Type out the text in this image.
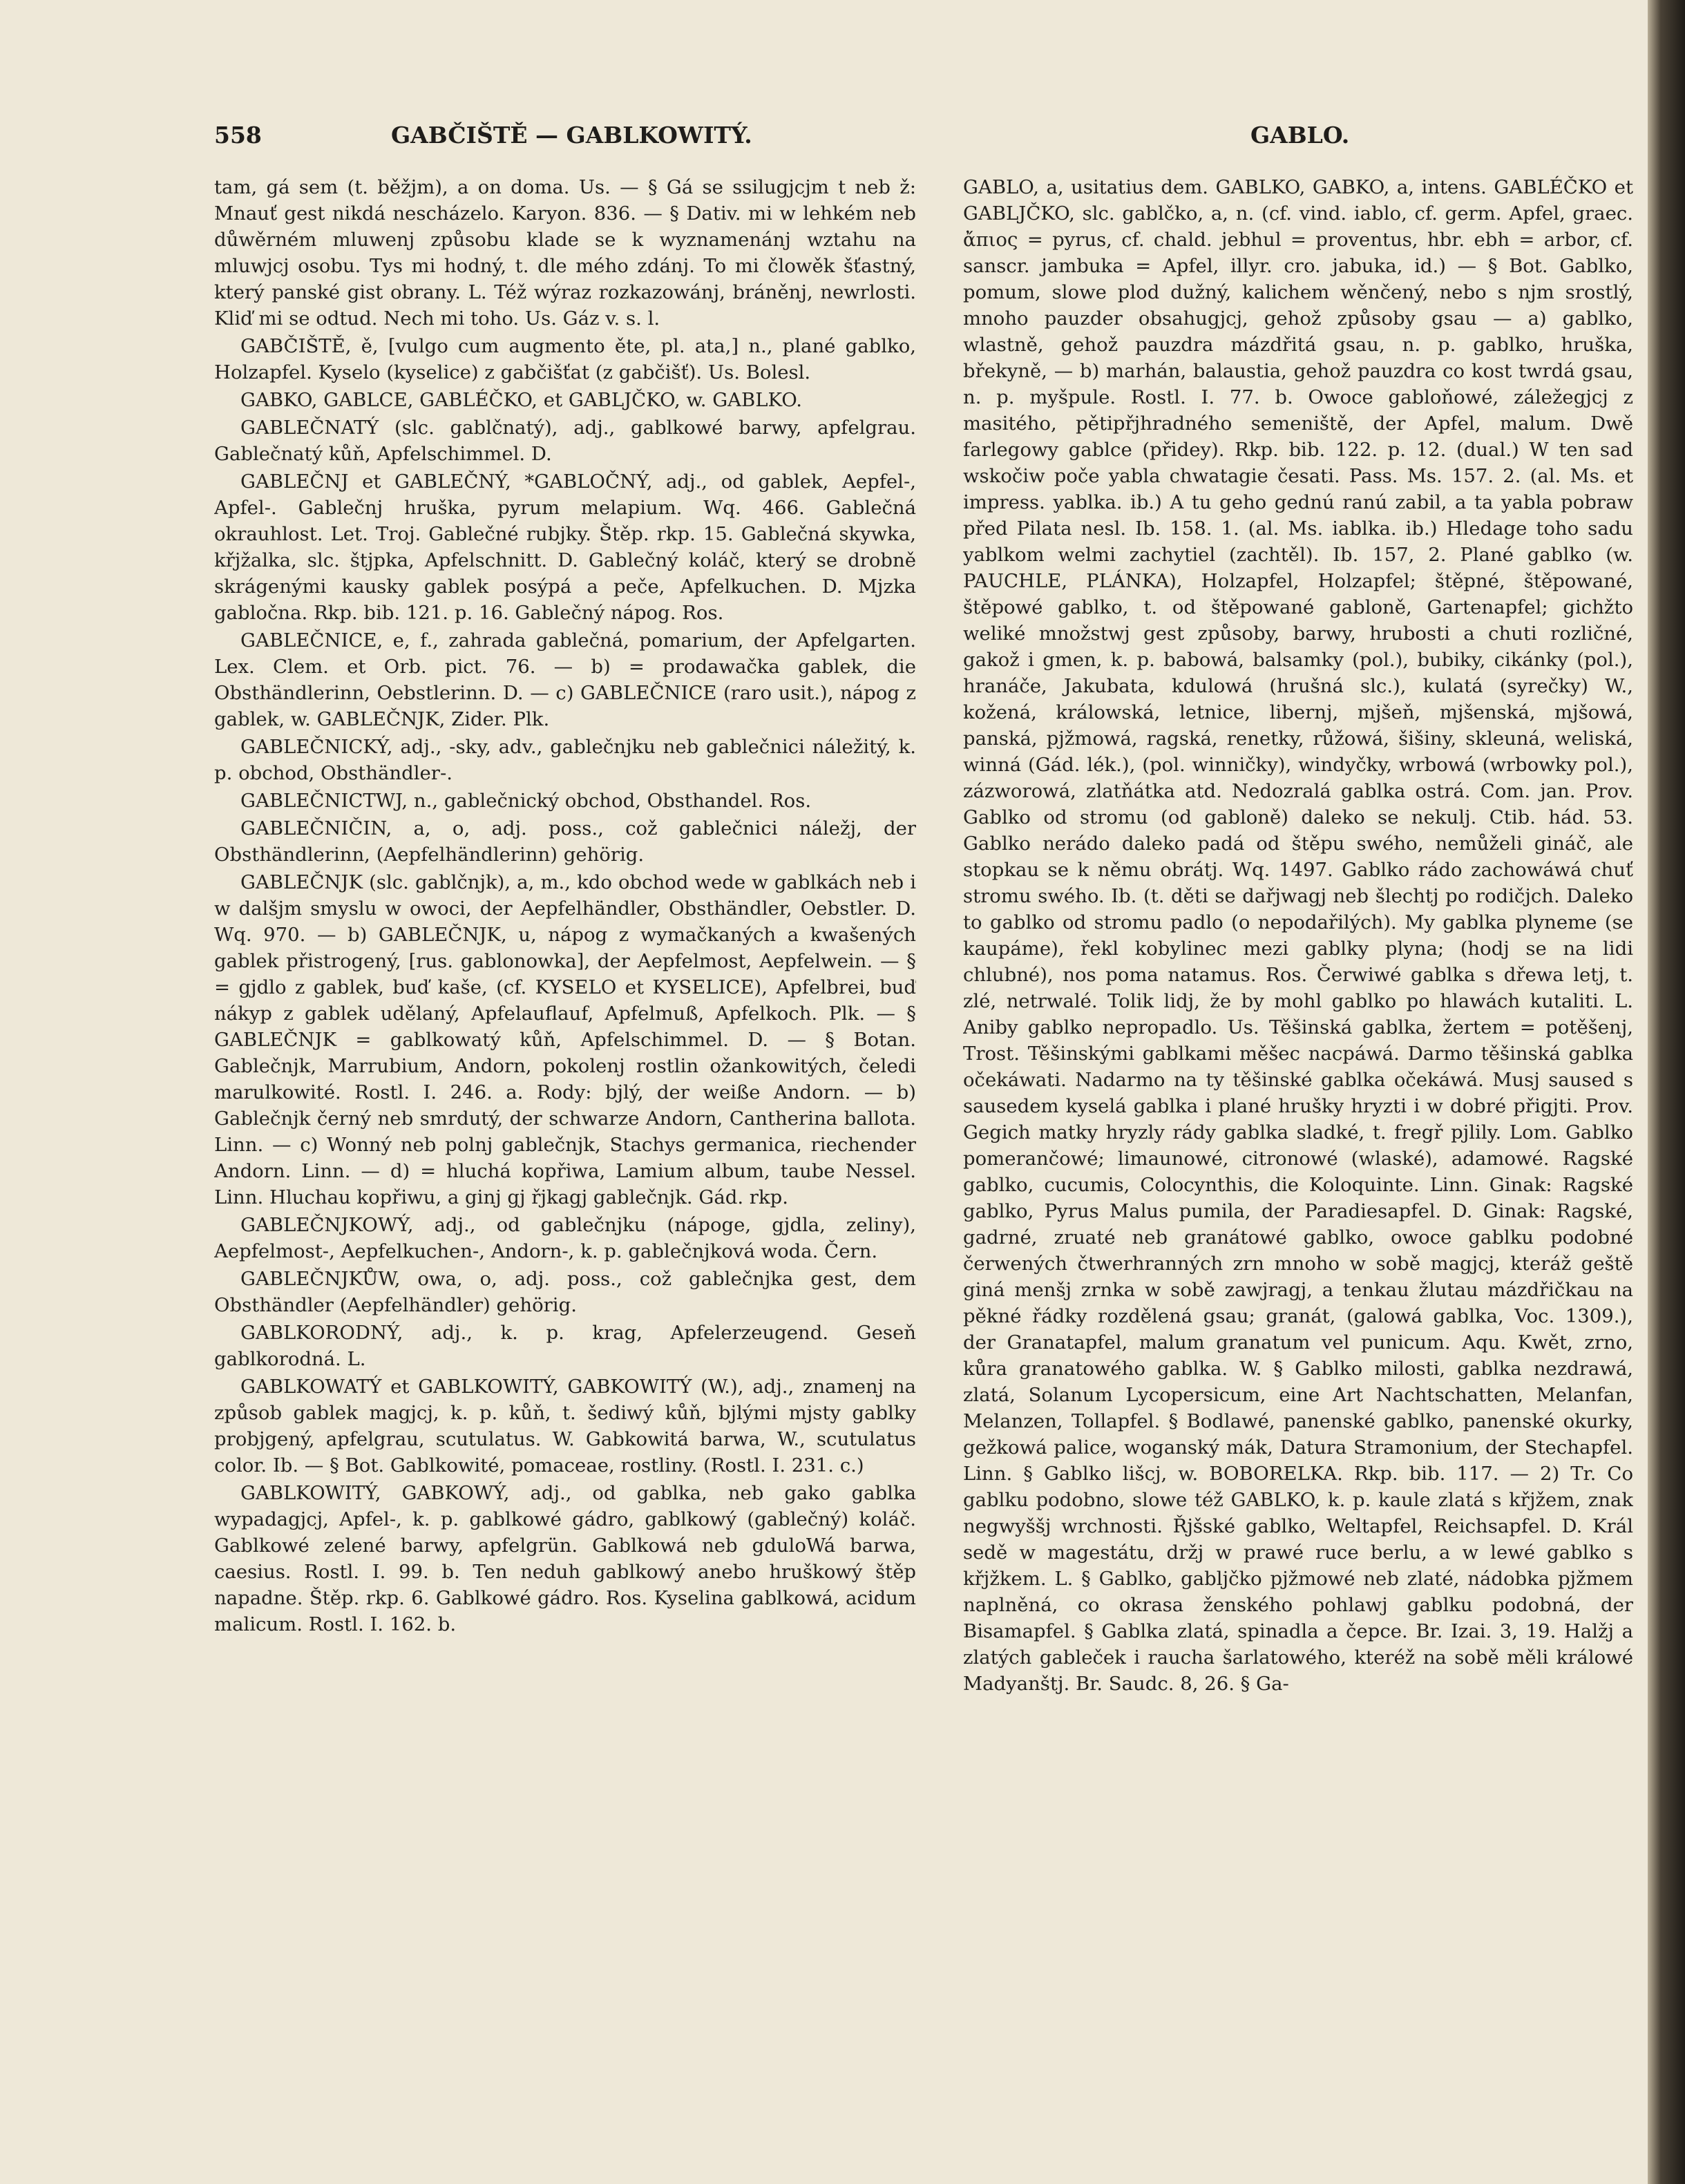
558	GABČIŠTĚ — GABLKOWITÝ.	GABLO.

tam, gá sem (t. běžjm), a on doma. Us. — § Gá se ssilugjcjm t neb ž: Mnauť gest nikdá nescházelo. Karyon. 836. — § Dativ. mi w lehkém neb důwěrném mluwenj způsobu klade se k wyznamenánj wztahu na mluwjcj osobu. Tys mi hodný, t. dle mého zdánj. To mi člowěk šťastný, který panské gist obrany. L. Též wýraz rozkazowánj, bráněnj, newrlosti. Kliď mi se odtud. Nech mi toho. Us. Gáz v. s. l.

GABČIŠTĚ, ě, [vulgo cum augmento ěte, pl. ata,] n., plané gablko, Holzapfel. Kyselo (kyselice) z gabčišťat (z gabčišť). Us. Bolesl.

GABKO, GABLCE, GABLÉČKO, et GABLJČKO, w. GABLKO.

GABLEČNATÝ (slc. gablčnatý), adj., gablkowé barwy, apfelgrau. Gablečnatý kůň, Apfelschimmel. D.

GABLEČNJ et GABLEČNÝ, *GABLOČNÝ, adj., od gablek, Aepfel-, Apfel-. Gablečnj hruška, pyrum melapium. Wq. 466. Gablečná okrauhlost. Let. Troj. Gablečné rubjky. Štěp. rkp. 15. Gablečná skywka, křjžalka, slc. štjpka, Apfelschnitt. D. Gablečný koláč, který se drobně skrágenými kausky gablek posýpá a peče, Apfelkuchen. D. Mjzka gabločna. Rkp. bib. 121. p. 16. Gablečný nápog. Ros.

GABLEČNICE, e, f., zahrada gablečná, pomarium, der Apfelgarten. Lex. Clem. et Orb. pict. 76. — b) = prodawačka gablek, die Obsthändlerinn, Oebstlerinn. D. — c) GABLEČNICE (raro usit.), nápog z gablek, w. GABLEČNJK, Zider. Plk.

GABLEČNICKÝ, adj., -sky, adv., gablečnjku neb gablečnici náležitý, k. p. obchod, Obsthändler-.

GABLEČNICTWJ, n., gablečnický obchod, Obsthandel. Ros.

GABLEČNIČIN, a, o, adj. poss., což gablečnici náležj, der Obsthändlerinn, (Aepfelhändlerinn) gehörig.

GABLEČNJK (slc. gablčnjk), a, m., kdo obchod wede w gablkách neb i w dalšjm smyslu w owoci, der Aepfelhändler, Obsthändler, Oebstler. D. Wq. 970. — b) GABLEČNJK, u, nápog z wymačkaných a kwašených gablek přistrogený, [rus. gablonowka], der Aepfelmost, Aepfelwein. — § = gjdlo z gablek, buď kaše, (cf. KYSELO et KYSELICE), Apfelbrei, buď nákyp z gablek udělaný, Apfelauflauf, Apfelmuß, Apfelkoch. Plk. — § GABLEČNJK = gablkowatý kůň, Apfelschimmel. D. — § Botan. Gablečnjk, Marrubium, Andorn, pokolenj rostlin ožankowitých, čeledi marulkowité. Rostl. I. 246. a. Rody: bjlý, der weiße Andorn. — b) Gablečnjk černý neb smrdutý, der schwarze Andorn, Cantherina ballota. Linn. — c) Wonný neb polnj gablečnjk, Stachys germanica, riechender Andorn. Linn. — d) = hluchá kopřiwa, Lamium album, taube Nessel. Linn. Hluchau kopřiwu, a ginj gj řjkagj gablečnjk. Gád. rkp.

GABLEČNJKOWÝ, adj., od gablečnjku (nápoge, gjdla, zeliny), Aepfelmost-, Aepfelkuchen-, Andorn-, k. p. gablečnjková woda. Čern.

GABLEČNJKŮW, owa, o, adj. poss., což gablečnjka gest, dem Obsthändler (Aepfelhändler) gehörig.

GABLKORODNÝ, adj., k. p. krag, Apfelerzeugend. Geseň gablkorodná. L.

GABLKOWATÝ et GABLKOWITÝ, GABKOWITÝ (W.), adj., znamenj na způsob gablek magjcj, k. p. kůň, t. šediwý kůň, bjlými mjsty gablky probjgený, apfelgrau, scutulatus. W. Gabkowitá barwa, W., scutulatus color. Ib. — § Bot. Gablkowité, pomaceae, rostliny. (Rostl. I. 231. c.)

GABLKOWITÝ, GABKOWÝ, adj., od gablka, neb gako gablka wypadagjcj, Apfel-, k. p. gablkowé gádro, gablkowý (gablečný) koláč. Gablkowé zelené barwy, apfelgrün. Gablkowá neb gduloWá barwa, caesius. Rostl. I. 99. b. Ten neduh gablkowý anebo hruškowý štěp napadne. Štěp. rkp. 6. Gablkowé gádro. Ros. Kyselina gablkowá, acidum malicum. Rostl. I. 162. b.

GABLO, a, usitatius dem. GABLKO, GABKO, a, intens. GABLÉČKO et GABLJČKO, slc. gablčko, a, n. (cf. vind. iablo, cf. germ. Apfel, graec. ἄπιος = pyrus, cf. chald. jebhul = proventus, hbr. ebh = arbor, cf. sanscr. jambuka = Apfel, illyr. cro. jabuka, id.) — § Bot. Gablko, pomum, slowe plod dužný, kalichem wěnčený, nebo s njm srostlý, mnoho pauzder obsahugjcj, gehož způsoby gsau — a) gablko, wlastně, gehož pauzdra mázdřitá gsau, n. p. gablko, hruška, břekyně, — b) marhán, balaustia, gehož pauzdra co kost twrdá gsau, n. p. myšpule. Rostl. I. 77. b. Owoce gabloňowé, záležegjcj z masitého, pětipřjhradného semeniště, der Apfel, malum. Dwě farlegowy gablce (přidey). Rkp. bib. 122. p. 12. (dual.) W ten sad wskočiw poče yabla chwatagie česati. Pass. Ms. 157. 2. (al. Ms. et impress. yablka. ib.) A tu geho gednú ranú zabil, a ta yabla pobraw před Pilata nesl. Ib. 158. 1. (al. Ms. iablka. ib.) Hledage toho sadu yablkom welmi zachytiel (zachtěl). Ib. 157, 2. Plané gablko (w. PAUCHLE, PLÁNKA), Holzapfel, Holzapfel; štěpné, štěpowané, štěpowé gablko, t. od štěpowané gabloně, Gartenapfel; gichžto weliké množstwj gest způsoby, barwy, hrubosti a chuti rozličné, gakož i gmen, k. p. babowá, balsamky (pol.), bubiky, cikánky (pol.), hranáče, Jakubata, kdulowá (hrušná slc.), kulatá (syrečky) W., kožená, králowská, letnice, libernj, mjšeň, mjšenská, mjšowá, panská, pjžmowá, ragská, renetky, růžowá, šišiny, skleuná, weliská, winná (Gád. lék.), (pol. winničky), windyčky, wrbowá (wrbowky pol.), zázworowá, zlatňátka atd. Nedozralá gablka ostrá. Com. jan. Prov. Gablko od stromu (od gabloně) daleko se nekulj. Ctib. hád. 53. Gablko nerádo daleko padá od štěpu swého, nemůželi gináč, ale stopkau se k němu obrátj. Wq. 1497. Gablko rádo zachowáwá chuť stromu swého. Ib. (t. děti se dařjwagj neb šlechtj po rodičjch. Daleko to gablko od stromu padlo (o nepodařilých). My gablka plyneme (se kaupáme), řekl kobylinec mezi gablky plyna; (hodj se na lidi chlubné), nos poma natamus. Ros. Čerwiwé gablka s dřewa letj, t. zlé, netrwalé. Tolik lidj, že by mohl gablko po hlawách kutaliti. L. Aniby gablko nepropadlo. Us. Těšinská gablka, žertem = potěšenj, Trost. Těšinskými gablkami měšec nacpáwá. Darmo těšinská gablka očekáwati. Nadarmo na ty těšinské gablka očekáwá. Musj saused s sausedem kyselá gablka i plané hrušky hryzti i w dobré přigjti. Prov. Gegich matky hryzly rády gablka sladké, t. fregř pjlily. Lom. Gablko pomerančowé; limaunowé, citronowé (wlaské), adamowé. Ragské gablko, cucumis, Colocynthis, die Koloquinte. Linn. Ginak: Ragské gablko, Pyrus Malus pumila, der Paradiesapfel. D. Ginak: Ragské, gadrné, zruaté neb granátowé gablko, owoce gablku podobné čerwených čtwerhranných zrn mnoho w sobě magjcj, kteráž geště giná menšj zrnka w sobě zawjragj, a tenkau žlutau mázdřičkau na pěkné řádky rozdělená gsau; granát, (galowá gablka, Voc. 1309.), der Granatapfel, malum granatum vel punicum. Aqu. Kwět, zrno, kůra granatowého gablka. W. § Gablko milosti, gablka nezdrawá, zlatá, Solanum Lycopersicum, eine Art Nachtschatten, Melanfan, Melanzen, Tollapfel. § Bodlawé, panenské gablko, panenské okurky, gežkowá palice, woganský mák, Datura Stramonium, der Stechapfel. Linn. § Gablko lišcj, w. BOBORELKA. Rkp. bib. 117. — 2) Tr. Co gablku podobno, slowe též GABLKO, k. p. kaule zlatá s křjžem, znak negwyššj wrchnosti. Řjšské gablko, Weltapfel, Reichsapfel. D. Král sedě w magestátu, držj w prawé ruce berlu, a w lewé gablko s křjžkem. L. § Gablko, gabljčko pjžmowé neb zlaté, nádobka pjžmem naplněná, co okrasa ženského pohlawj gablku podobná, der Bisamapfel. § Gablka zlatá, spinadla a čepce. Br. Izai. 3, 19. Halžj a zlatých gableček i raucha šarlatowého, kteréž na sobě měli králowé Madyanštj. Br. Saudc. 8, 26. § Ga-
